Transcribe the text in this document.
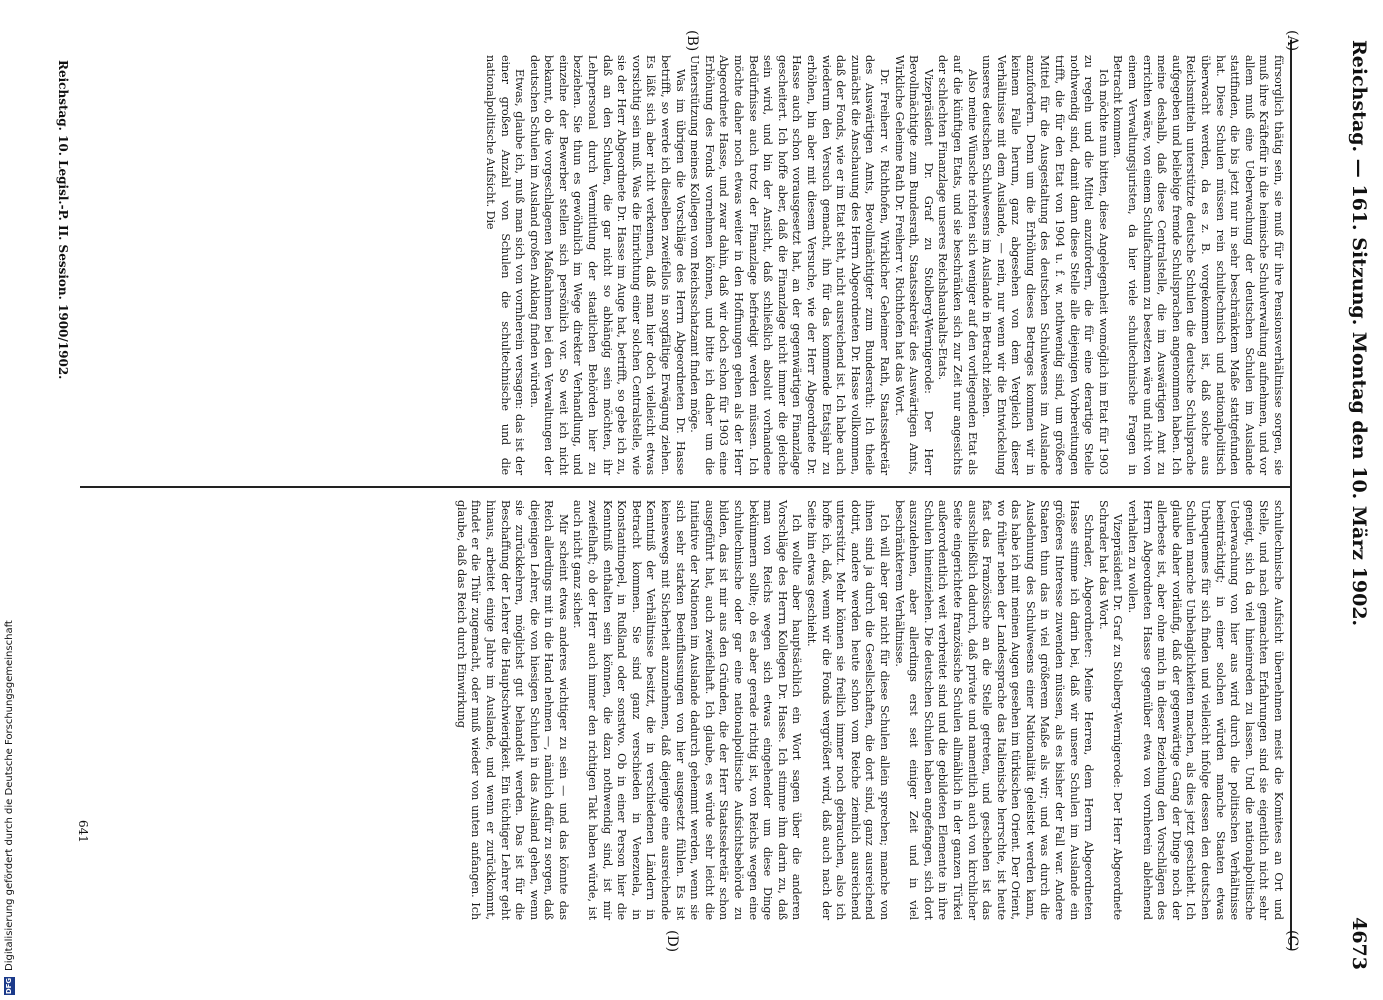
Reichstag. — 161. Sitzung. Montag den 10. März 1902.
4673
(A)
(C)
(B)
(D)

fürsorglich thätig sein, sie muß für ihre Pensionsverhältnisse sorgen, sie muß ihre Kräftefür in die heimische Schulverwaltung aufnehmen, und vor allem muß eine Ueberwachung der deutschen Schulen im Auslande stattfinden, die bis jetzt nur in sehr beschränktem Maße stattgefunden hat. Diese Schulen müssen rein schultechnisch und nationalpolitisch überwacht werden, da es z. B. vorgekommen ist, daß solche aus Reichsmitteln unterstützte deutsche Schulen die deutsche Schulsprache aufgegeben und beliebige fremde Schulsprachen angenommen haben. Ich meine deshalb, daß diese Centralstelle, die im Auswärtigen Amt zu errichten wäre, von einem Schulfachmann zu besetzen wäre und nicht von einem Verwaltungsjuristen, da hier viele schultechnische Fragen in Betracht kommen.

Ich möchte nun bitten, diese Angelegenheit womöglich im Etat für 1903 zu regeln und die Mittel anzufordern, die für eine derartige Stelle nothwendig sind, damit dann diese Stelle alle diejenigen Vorbereitungen trifft, die für den Etat von 1904 u. f. w. nothwendig sind, um größere Mittel für die Ausgestaltung des deutschen Schulwesens im Auslande anzufordern. Denn um die Erhöhung dieses Betrages kommen wir in keinem Falle herum, ganz abgesehen von dem Vergleich dieser Verhältnisse mit dem Auslande, — nein, nur wenn wir die Entwickelung unseres deutschen Schulwesens im Auslande in Betracht ziehen.

Also meine Wünsche richten sich weniger auf den vorliegenden Etat als auf die künftigen Etats, und sie beschränken sich zur Zeit nur angesichts der schlechten Finanzlage unseres Reichshaushalts-Etats.

Vizepräsident Dr. Graf zu Stolberg-Wernigerode: Der Herr Bevollmächtigte zum Bundesrath, Staatssekretär des Auswärtigen Amts, Wirkliche Geheime Rath Dr. Freiherr v. Richthofen hat das Wort.

Dr. Freiherr v. Richthofen, Wirklicher Geheimer Rath, Staatssekretär des Auswärtigen Amts, Bevollmächtigter zum Bundesrath: Ich theile zunächst die Anschauung des Herrn Abgeordneten Dr. Hasse vollkommen, daß der Fonds, wie er im Etat steht, nicht ausreichend ist. Ich habe auch wiederum den Versuch gemacht, ihn für das kommende Etatsjahr zu erhöhen, bin aber mit diesem Versuche, wie der Herr Abgeordnete Dr. Hasse auch schon vorausgesetzt hat, an der gegenwärtigen Finanzlage gescheitert. Ich hoffe aber, daß die Finanzlage nicht immer die gleiche sein wird, und bin der Ansicht, daß schließlich absolut vorhandene Bedürfnisse auch trotz der Finanzlage befriedigt werden müssen. Ich möchte daher noch etwas weiter in den Hoffnungen gehen als der Herr Abgeordnete Hasse, und zwar dahin, daß wir doch schon für 1903 eine Erhöhung des Fonds vornehmen können, und bitte ich daher um die Unterstützung meines Kollegen vom Reichsschatzamt finden möge.

Was im übrigen die Vorschläge des Herrn Abgeordneten Dr. Hasse betrifft, so werde ich dieselben zweifellos in sorgfältige Erwägung ziehen. Es läßt sich aber nicht verkennen, daß man hier doch vielleicht etwas vorsichtig sein muß. Was die Einrichtung einer solchen Centralstelle, wie sie der Herr Abgeordnete Dr. Hasse im Auge hat, betrifft, so gebe ich zu, daß an den Schulen, die gar nicht so abhängig sein möchten, ihr Lehrpersonal durch Vermittlung der staatlichen Behörden hier zu beziehen. Sie thun es gewöhnlich im Wege direkter Verhandlung, und einzelne der Bewerber stellen sich persönlich vor. So weit ich nicht bekannt, ob die vorgeschlagenen Maßnahmen bei den Verwaltungen der deutschen Schulen im Ausland großen Anklang finden würden.

Etwas, glaube ich, muß man sich von vornherein versagen: das ist der einer großen Anzahl von Schulen die schultechnische und die nationalpolitische Aufsicht. Die

schultechnische Aufsicht übernehmen meist die Komitees an Ort und Stelle, und nach gemachten Erfahrungen sind sie eigentlich nicht sehr geneigt, sich da viel hineinreden zu lassen. Und die nationalpolitische Ueberwachung von hier aus wird durch die politischen Verhältnisse beeinträchtigt; in einer solchen würden manche Staaten etwas Unbequemes für sich finden und vielleicht infolge dessen den deutschen Schulen manche Unbehaglichkeiten machen, als dies jetzt geschieht. Ich glaube daher vorläufig, daß der gegenwärtige Gang der Dinge noch der allerbeste ist, aber ohne mich in dieser Beziehung den Vorschlägen des Herrn Abgeordneten Hasse gegenüber etwa von vornherein ablehnend verhalten zu wollen.

Vizepräsident Dr. Graf zu Stolberg-Wernigerode: Der Herr Abgeordnete Schrader hat das Wort.

Schrader, Abgeordneter: Meine Herren, dem Herrn Abgeordneten Hasse stimme ich darin bei, daß wir unsere Schulen im Auslande ein größeres Interesse zuwenden müssen, als es bisher der Fall war. Andere Staaten thun das in viel größerem Maße als wir; und was durch die Ausdehnung des Schulwesens einer Nationalität geleistet werden kann, das habe ich mit meinen Augen gesehen im türkischen Orient. Der Orient, wo früher neben der Landessprache das Italienische herrschte, ist heute fast das Französische an die Stelle getreten, und geschehen ist das ausschließlich dadurch, daß private und namentlich auch von kirchlicher Seite eingerichtete französische Schulen allmählich in der ganzen Türkei außerordentlich weit verbreitet sind und die gebildeten Elemente in ihre Schulen hineinziehen. Die deutschen Schulen haben angefangen, sich dort auszudehnen, aber allerdings erst seit einiger Zeit und in viel beschränkterem Verhältnisse.

Ich will aber gar nicht für diese Schulen allein sprechen; manche von ihnen sind ja durch die Gesellschaften, die dort sind, ganz ausreichend dotirt, andere werden heute schon vom Reiche ziemlich ausreichend unterstützt. Mehr können sie freilich immer noch gebrauchen, also ich hoffe ich, daß, wenn wir die Fonds vergrößert wird, daß auch nach der Seite hin etwas geschieht.

Ich wollte aber hauptsächlich ein Wort sagen über die anderen Vorschläge des Herrn Kollegen Dr. Hasse. Ich stimme ihm darin zu, daß man von Reichs wegen sich etwas eingehender um diese Dinge bekümmern sollte; ob es aber gerade richtig ist, von Reichs wegen eine schultechnische oder gar eine nationalpolitische Aufsichtsbehörde zu bilden, das ist mir aus den Gründen, die der Herr Staatssekretär schon ausgeführt hat, auch zweifelhaft. Ich glaube, es würde sehr leicht die Initiative der Nationen im Auslande dadurch gehemmt werden, wenn sie sich sehr starken Beeinflussungen von hier ausgesetzt fühlen. Es ist keineswegs mit Sicherheit anzunehmen, daß diejenige eine ausreichende Kenntniß der Verhältnisse besitzt, die in verschiedenen Ländern in Betracht kommen. Sie sind ganz verschieden in Venezuela, in Konstantinopel, in Rußland oder sonstwo. Ob in einer Person hier die Kenntniß enthalten sein können, die dazu nothwendig sind, ist mir zweifelhaft; ob der Herr auch immer den richtigen Takt haben würde, ist auch nicht ganz sicher.

Mir scheint etwas anderes wichtiger zu sein — und das könnte das Reich allerdings mit in die Hand nehmen —, nämlich dafür zu sorgen, daß diejenigen Lehrer, die von hiesigen Schulen in das Ausland gehen, wenn sie zurückkehren, möglichst gut behandelt werden. Das ist für die Beschaffung der Lehrer die Hauptschwierigkeit. Ein tüchtiger Lehrer geht hinaus, arbeitet einige Jahre im Auslande, und wenn er zurückkommt, findet er die Thür zugemacht, oder muß wieder von unten anfangen. Ich glaube, daß das Reich durch Einwirkung

Reichstag. 10. Legisl.-P. II. Session. 1900/1902.
641
DFG
Digitalisierung gefördert durch die Deutsche Forschungsgemeinschaft
